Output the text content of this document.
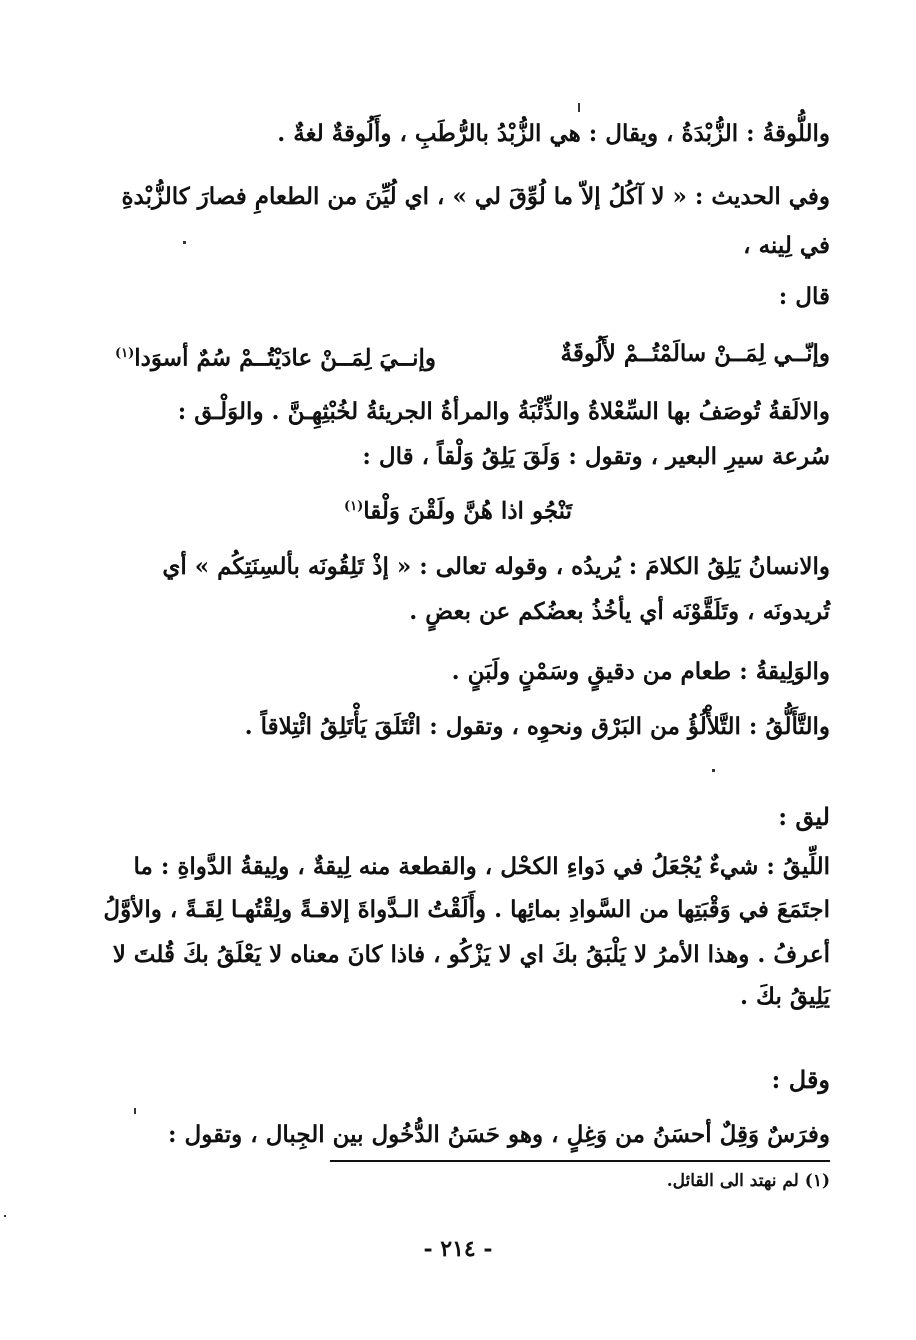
واللُّوقةُ : الزُّبْدَةُ ، ويقال : هي الزُّبْدُ بالرُّطَبِ ، وأَلُوقةٌ لغةٌ .
وفي الحديث : « لا آكُلُ إلاّ ما لُوِّقَ لي » ، اي لُيِّنَ من الطعامِ فصارَ كالزُّبْدةِ
في لِينه ،
قال :
وإنّــي لِمَــنْ سالَمْتُــمْ لأَلُوقَةٌ
وإنــيَ لِمَــنْ عادَيْتُــمْ سُمٌ أسوَدا$^{(١)}$
والالَقةُ تُوصَفُ بها السِّعْلاةُ والذِّئْبَةُ والمرأةُ الجريئةُ لخُبْثِهِـنَّ . والوَلْـق :
سُرعة سيرِ البعير ، وتقول : وَلَقَ يَلِقُ وَلْقاً ، قال :
تَنْجُو اذا هُنَّ ولَقْنَ وَلْقا$^{(١)}$
والانسانُ يَلِقُ الكلامَ : يُريدُه ، وقوله تعالى : « إذْ تَلِقُونَه بألسِنَتِكُم » أي
تُريدونَه ، وتَلَقَّوْنَه أي يأخُذُ بعضُكم عن بعضٍ .
والوَلِيقةُ : طعام من دقيقٍ وسَمْنٍ ولَبَنٍ .
والتَّأَلُّقُ : التَّلأْلُؤُ من البَرْق ونحوِه ، وتقول : ائْتَلَقَ يَأْتَلِقُ ائْتِلاقاً .
ليق :
اللِّيقُ : شيءٌ يُجْعَلُ في دَواءِ الكحْل ، والقطعة منه لِيقةٌ ، ولِيقةُ الدَّواةِ : ما
اجتَمَعَ في وَقْبَتِها من السَّوادِ بمائِها . وأَلَقْتُ الـدَّواةَ إلاقـةً ولِقْتُهـا لِقَـةً ، والأوَّلُ
أعرفُ . وهذا الأمرُ لا يَلْبَقُ بكَ اي لا يَزْكُو ، فاذا كانَ معناه لا يَعْلَقُ بكَ قُلتَ لا
يَلِيقُ بكَ .
وقل :
وفرَسٌ وَقِلٌ أحسَنُ من وَغِلٍ ، وهو حَسَنُ الدُّخُول بين الجِبال ، وتقول :
(١) لم نهتد الى القائل.
- ٢١٤ -
